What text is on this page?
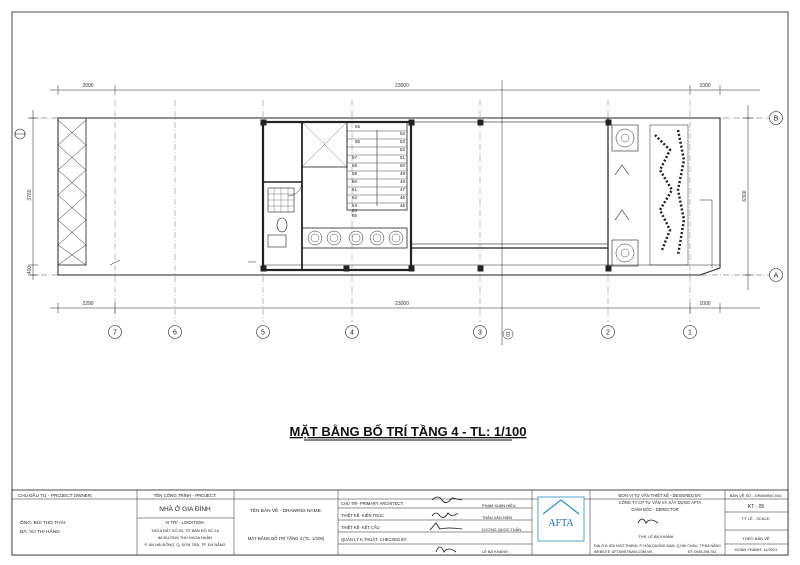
2000	23000	1000
2290	23000	1000
3760
400
6300
55
56
57
58
59
60
61
62
63
64
65
45
46
47
48
49
50
51
52
53
54
7	6	5	4	3	2	1
01
B
A
MẶT BẰNG BỐ TRÍ TẦNG 4 - TL: 1/100
CHỦ ĐẦU TƯ - PROJECT OWNER:
ÔNG: BÙI THỌ THÁI
BÀ: VŨ THỊ HẰNG
TÊN CÔNG TRÌNH - PROJECT:
NHÀ Ở GIA ĐÌNH
VỊ TRÍ - LOCATION:
THỬA ĐẤT SỐ 53, TỜ BẢN ĐỒ SỐ 18
86 ĐƯỜNG THỦ KHOA HUÂN
P. AN HẢI ĐÔNG, Q. SƠN TRÀ, TP. ĐÀ NẴNG
TÊN BẢN VẼ - DRAWING NAME:
MẶT BẰNG BỐ TRÍ TẦNG 4 (TL: 1/100)
CHỦ TRÌ- PRIMARY ARCHITECT:
THIẾT KẾ- KIẾN TRÚC
THIẾT KẾ- KẾT CẤU
QUẢN LÝ K.THUẬT- CHECKED BY:
PHẠM XUÂN HIỆU
TRẦN VĂN HIỀN
LƯƠNG QUỐC TUẤN
LÊ BÁ KHÁNH
AFTA
ĐƠN VỊ TƯ VẤN THIẾT KẾ - DESIGNED BY:
CÔNG TY CP TƯ VẤN VÀ XÂY DỰNG AFTA
GIÁM ĐỐC - DERECTOR
THS. LÊ BÁ KHÁNH
ĐỊA CHỈ: 829 NGÔ THÀNH, P. HÒA QUỐNG NAM, Q.HẢI CHÂU, TP.ĐÀ NẴNG
WEBSITE: AFTAVIETNAM.COM.VN	ĐT: 0935.298.761
BẢN VẼ SỐ - DRAWING NO:
KT - 05
TỶ LỆ - SCALE:
THEO BẢN VẼ
HOÀN THÀNH: 11/2021
